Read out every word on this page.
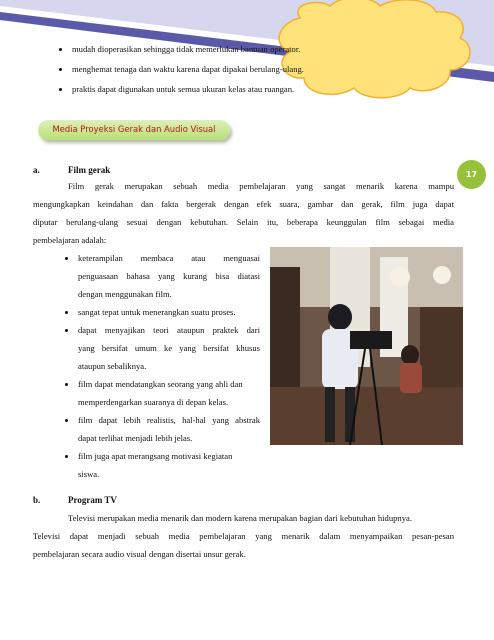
mudah dioperasikan sehingga tidak memerlukan bantuan operator.
menghemat tenaga dan waktu karena dapat dipakai berulang-ulang.
praktis dapat digunakan untuk semua ukuran kelas atau ruangan.
Media Proyeksi Gerak dan Audio Visual
17
a.	Film gerak
Film gerak merupakan sebuah media pembelajaran yang sangat menarik karena mampu
mengungkapkan keindahan dan fakta bergerak dengan efek suara, gambar dan gerak, film juga dapat
diputar berulang-ulang sesuai dengan kebutuhan. Selain itu, beberapa keunggulan film sebagai media
pembelajaran adalah:
keterampilan membaca atau menguasai
penguasaan bahasa yang kurang bisa diatasi
dengan menggunakan film.
sangat tepat untuk menerangkan suatu proses.
dapat menyajikan teori ataupun praktek dari
yang bersifat umum ke yang bersifat khusus
ataupun sebaliknya.
film dapat mendatangkan seorang yang ahli dan
memperdengarkan suaranya di depan kelas.
film dapat lebih realistis, hal-hal yang abstrak
dapat terlihat menjadi lebih jelas.
film juga apat merangsang motivasi kegiatan
siswa.
b.	Program TV
Televisi merupakan media menarik dan modern karena merupakan bagian dari kebutuhan hidupnya.
Televisi dapat menjadi sebuah media pembelajaran yang menarik dalam menyampaikan pesan-pesan
pembelajaran secara audio visual dengan disertai unsur gerak.
